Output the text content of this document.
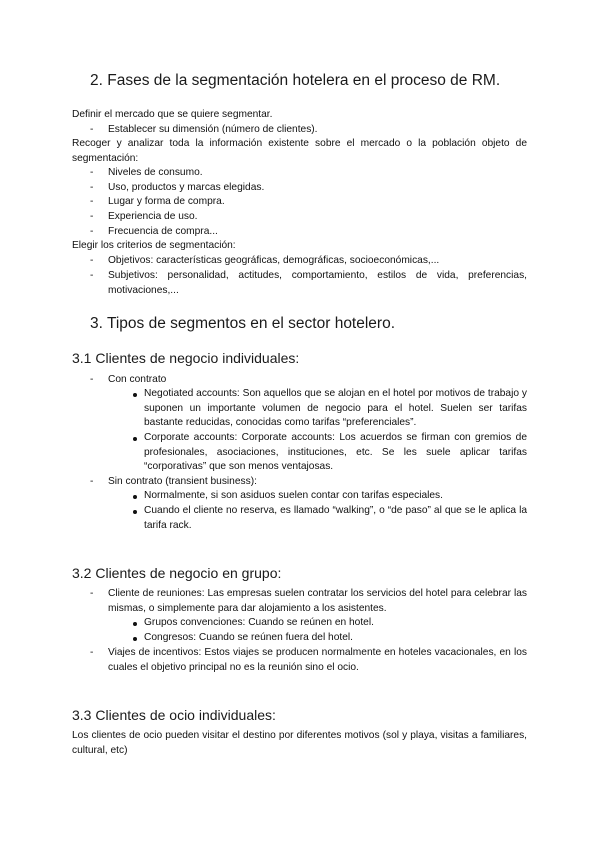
2. Fases de la segmentación hotelera en el proceso de RM.

Definir el mercado que se quiere segmentar.

- Establecer su dimensión (número de clientes).

Recoger y analizar toda la información existente sobre el mercado o la población objeto de segmentación:

- Niveles de consumo.

- Uso, productos y marcas elegidas.

- Lugar y forma de compra.

- Experiencia de uso.

- Frecuencia de compra...

Elegir los criterios de segmentación:

- Objetivos: características geográficas, demográficas, socioeconómicas,...

- Subjetivos: personalidad, actitudes, comportamiento, estilos de vida, preferencias, motivaciones,...

3. Tipos de segmentos en el sector hotelero.
3.1 Clientes de negocio individuales:
- Con contrato

Negotiated accounts: Son aquellos que se alojan en el hotel por motivos de trabajo y suponen un importante volumen de negocio para el hotel. Suelen ser tarifas bastante reducidas, conocidas como tarifas “preferenciales”.

Corporate accounts: Corporate accounts: Los acuerdos se firman con gremios de profesionales, asociaciones, instituciones, etc. Se les suele aplicar tarifas “corporativas” que son menos ventajosas.

- Sin contrato (transient business):

Normalmente, si son asiduos suelen contar con tarifas especiales.

Cuando el cliente no reserva, es llamado “walking”, o “de paso” al que se le aplica la tarifa rack.

3.2 Clientes de negocio en grupo:
- Cliente de reuniones: Las empresas suelen contratar los servicios del hotel para celebrar las mismas, o simplemente para dar alojamiento a los asistentes.

Grupos convenciones: Cuando se reúnen en hotel.

Congresos: Cuando se reúnen fuera del hotel.

- Viajes de incentivos: Estos viajes se producen normalmente en hoteles vacacionales, en los cuales el objetivo principal no es la reunión sino el ocio.

3.3 Clientes de ocio individuales:

Los clientes de ocio pueden visitar el destino por diferentes motivos (sol y playa, visitas a familiares, cultural, etc)
